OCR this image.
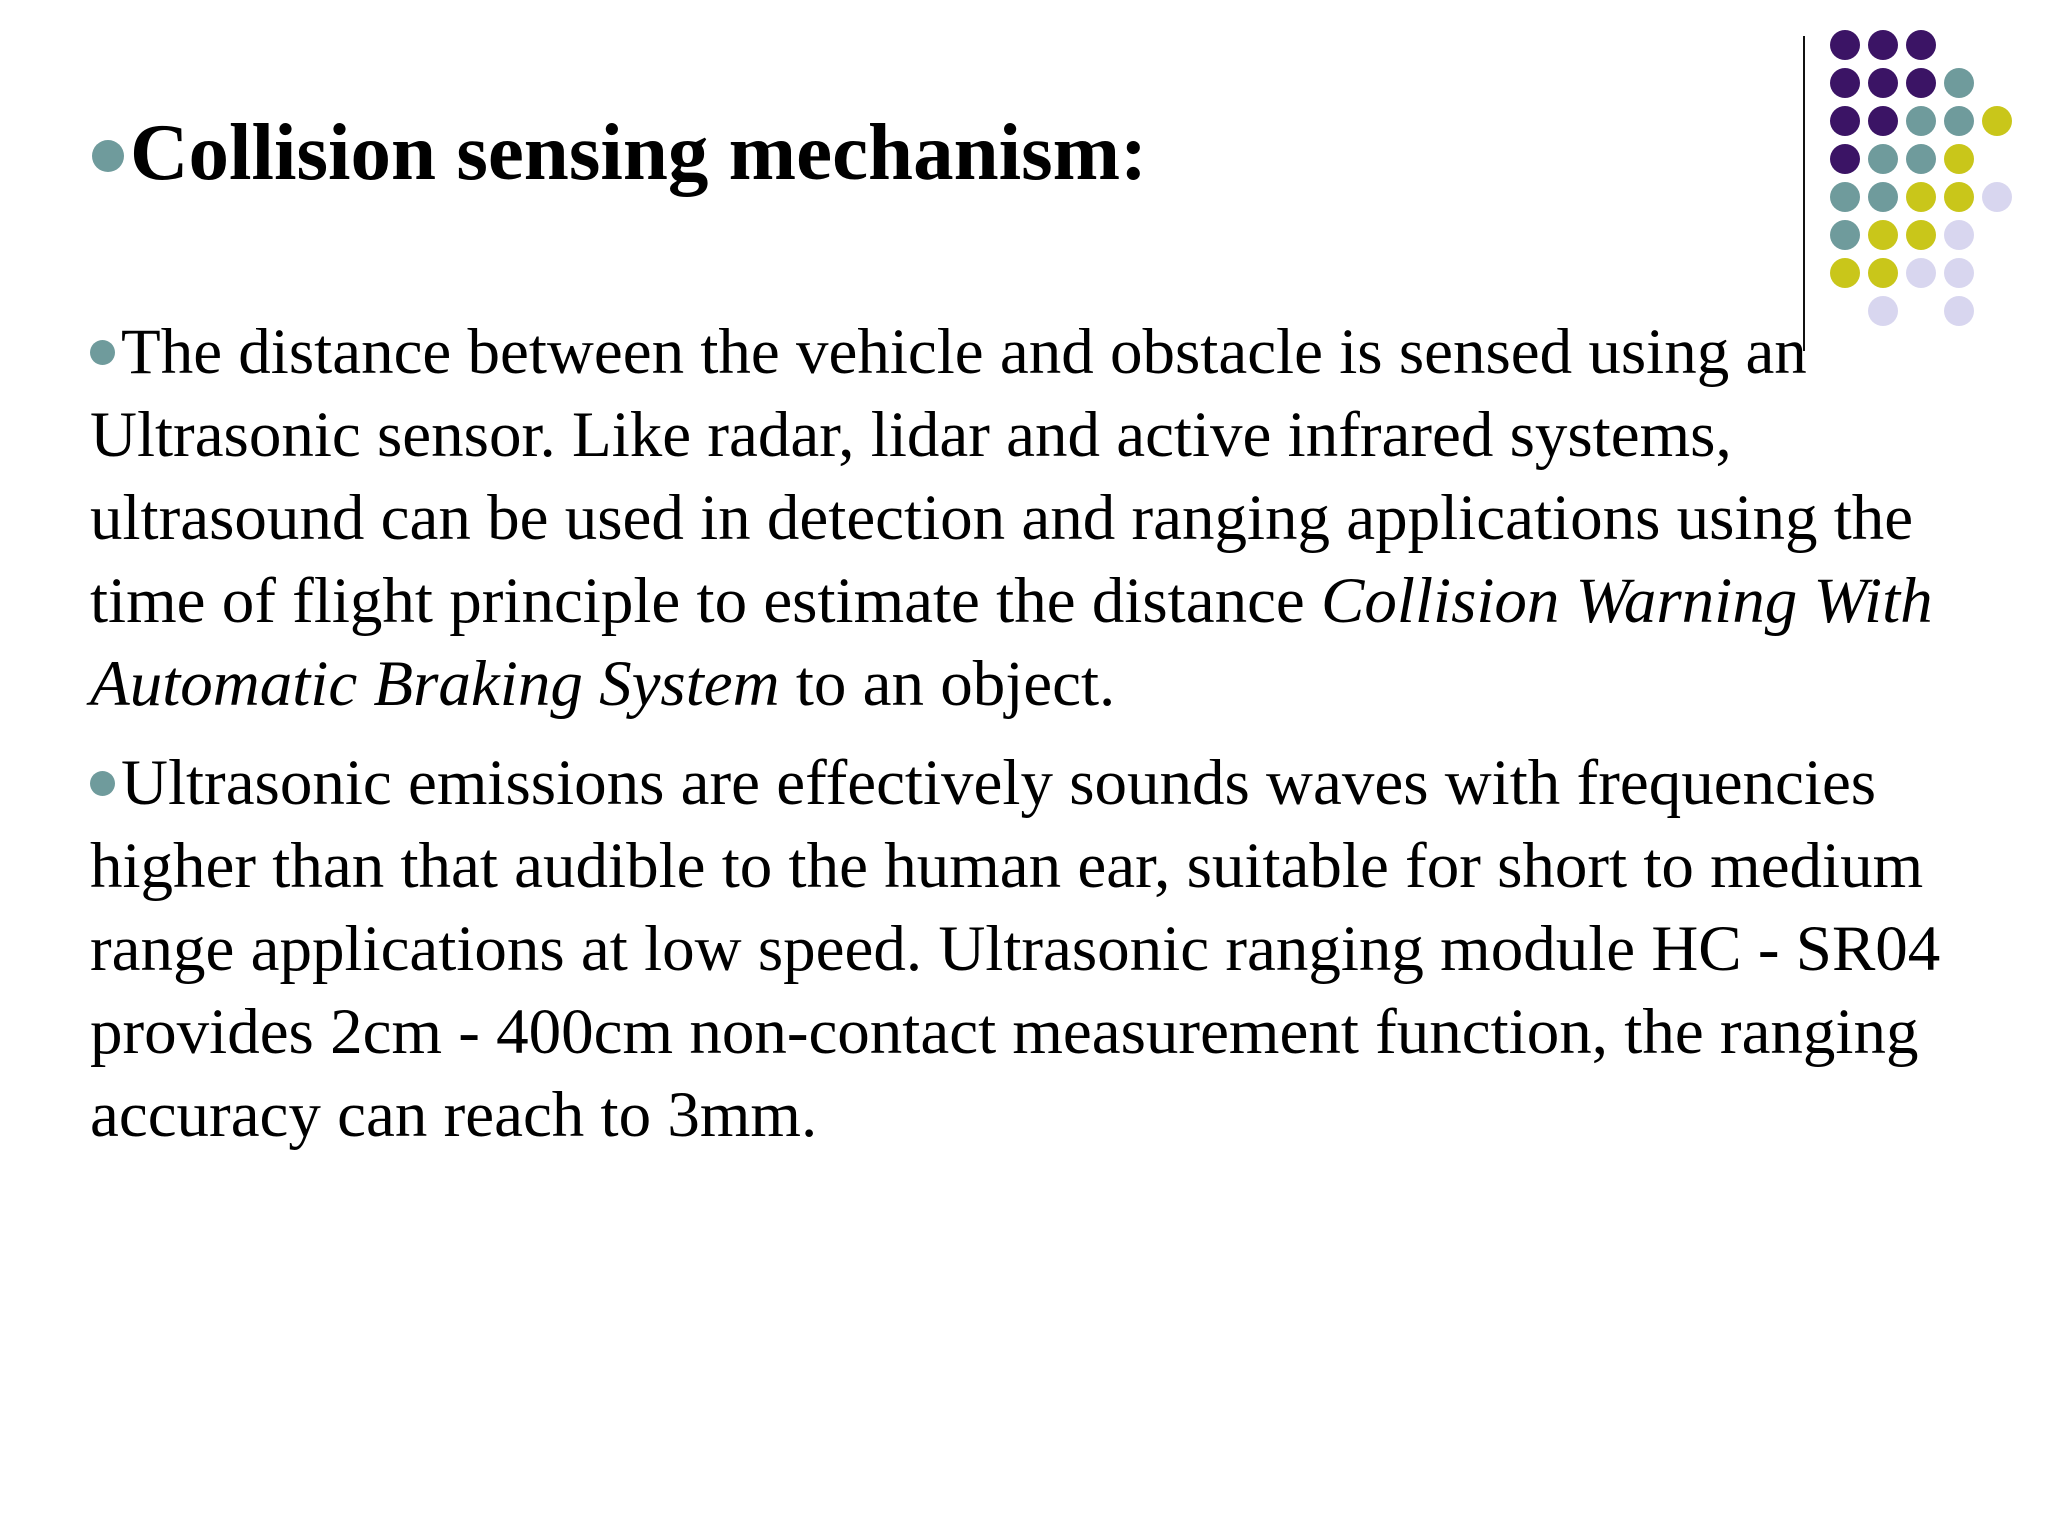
Collision sensing mechanism:
The distance between the vehicle and obstacle is sensed using an Ultrasonic sensor. Like radar, lidar and active infrared systems, ultrasound can be used in detection and ranging applications using the time of flight principle to estimate the distance Collision Warning With Automatic Braking System to an object.
Ultrasonic emissions are effectively sounds waves with frequencies higher than that audible to the human ear, suitable for short to medium range applications at low speed. Ultrasonic ranging module HC - SR04 provides 2cm - 400cm non-contact measurement function, the ranging accuracy can reach to 3mm.
